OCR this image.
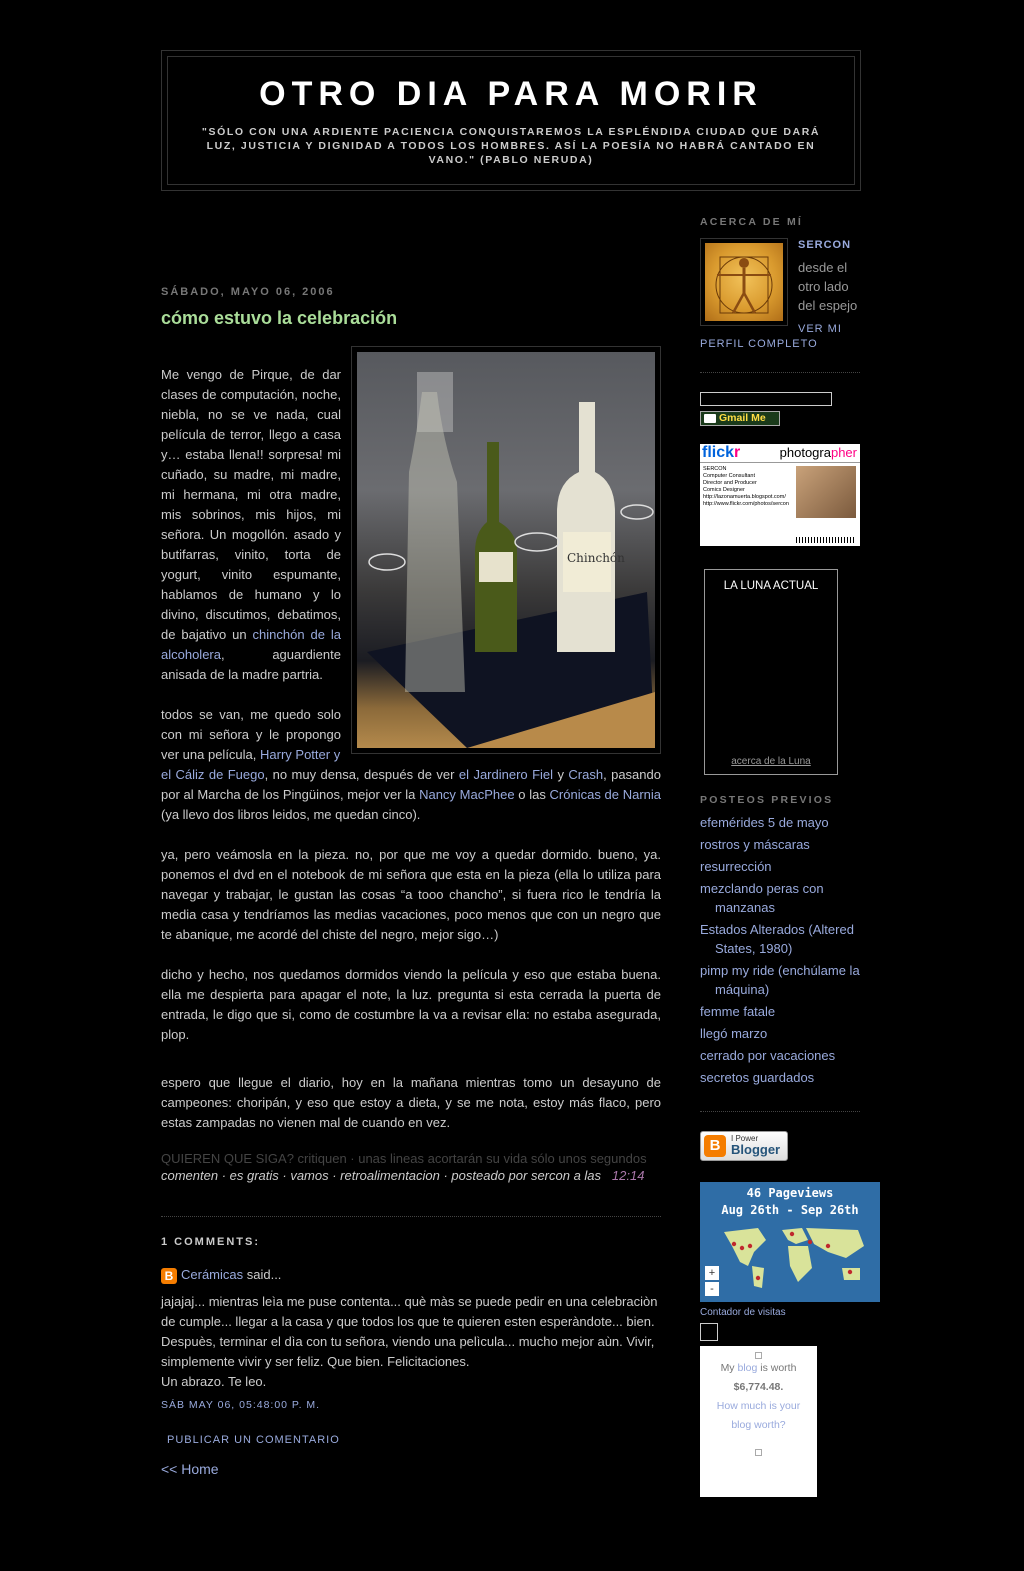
OTRO DIA PARA MORIR
"SÓLO CON UNA ARDIENTE PACIENCIA CONQUISTAREMOS LA ESPLÉNDIDA CIUDAD QUE DARÁ LUZ, JUSTICIA Y DIGNIDAD A TODOS LOS HOMBRES. ASÍ LA POESÍA NO HABRÁ CANTADO EN VANO." (PABLO NERUDA)
SÁBADO, MAYO 06, 2006
cómo estuvo la celebración
Chinchón

Me vengo de Pirque, de dar clases de computación, noche, niebla, no se ve nada, cual película de terror, llego a casa y… estaba llena!! sorpresa! mi cuñado, su madre, mi madre, mi hermana, mi otra madre, mis sobrinos, mis hijos, mi señora. Un mogollón. asado y butifarras, vinito, torta de yogurt, vinito espumante, hablamos de humano y lo divino, discutimos, debatimos, de bajativo un chinchón de la alcoholera, aguardiente anisada de la madre partria.

todos se van, me quedo solo con mi señora y le propongo ver una película, Harry Potter y
el Cáliz de Fuego, no muy densa, después de ver el Jardinero Fiel y Crash, pasando por al Marcha de los Pingüinos, mejor ver la Nancy MacPhee o las Crónicas de Narnia (ya llevo dos libros leidos, me quedan cinco).

ya, pero veámosla en la pieza. no, por que me voy a quedar dormido. bueno, ya. ponemos el dvd en el notebook de mi señora que esta en la pieza (ella lo utiliza para navegar y trabajar, le gustan las cosas “a tooo chancho”, si fuera rico le tendría la media casa y tendríamos las medias vacaciones, poco menos que con un negro que te abanique, me acordé del chiste del negro, mejor sigo…)

dicho y hecho, nos quedamos dormidos viendo la película y eso que estaba buena. ella me despierta para apagar el note, la luz. pregunta si esta cerrada la puerta de entrada, le digo que si, como de costumbre la va a revisar ella: no estaba asegurada, plop.

espero que llegue el diario, hoy en la mañana mientras tomo un desayuno de campeones: choripán, y eso que estoy a dieta, y se me nota, estoy más flaco, pero estas zampadas no vienen mal de cuando en vez.

QUIEREN QUE SIGA? critiquen · unas lineas acortarán su vida sólo unos segundos
comenten · es gratis · vamos · retroalimentacion · posteado por sercon a las 12:14
1 COMMENTS:
B Cerámicas said...
jajajaj... mientras leìa me puse contenta... què màs se puede pedir en una celebraciòn de cumple... llegar a la casa y que todos los que te quieren esten esperàndote... bien. Despuès, terminar el dìa con tu señora, viendo una pelìcula... mucho mejor aùn. Vivir, simplemente vivir y ser feliz. Que bien. Felicitaciones.
Un abrazo. Te leo.
SÁB MAY 06, 05:48:00 P. M.
PUBLICAR UN COMENTARIO
<< Home
ACERCA DE MÍ
SERCON
desde el otro lado del espejo
VER MI
PERFIL COMPLETO
Gmail Me
flickr	photographer
SERCON
Computer Consultant
Director and Producer
Comics Designer
http://lazonamuerta.blogspot.com/
http://www.flickr.com/photos/sercon
LA LUNA ACTUAL
acerca de la Luna
POSTEOS PREVIOS
efemérides 5 de mayo
rostros y máscaras
resurrección
mezclando peras con manzanas
Estados Alterados (Altered States, 1980)
pimp my ride (enchúlame la máquina)
femme fatale
llegó marzo
cerrado por vacaciones
secretos guardados
B	I Power
Blogger
46 Pageviews
Aug 26th - Sep 26th
+
-
Contador de visitas
My blog is worth
$6,774.48.
How much is your blog worth?
